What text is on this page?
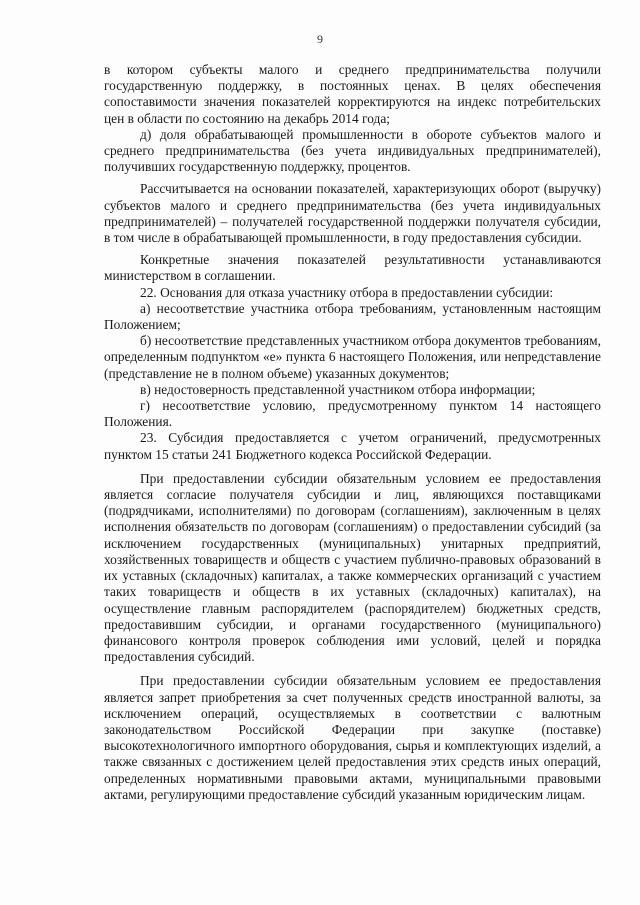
9

в котором субъекты малого и среднего предпринимательства получили государственную поддержку, в постоянных ценах. В целях обеспечения сопоставимости значения показателей корректируются на индекс потребительских цен в области по состоянию на декабрь 2014 года;

д) доля обрабатывающей промышленности в обороте субъектов малого и среднего предпринимательства (без учета индивидуальных предпринимателей), получивших государственную поддержку, процентов.

Рассчитывается на основании показателей, характеризующих оборот (выручку) субъектов малого и среднего предпринимательства (без учета индивидуальных предпринимателей) – получателей государственной поддержки получателя субсидии, в том числе в обрабатывающей промышленности, в году предоставления субсидии.

Конкретные значения показателей результативности устанавливаются министерством в соглашении.

22. Основания для отказа участнику отбора в предоставлении субсидии:

а) несоответствие участника отбора требованиям, установленным настоящим Положением;

б) несоответствие представленных участником отбора документов требованиям, определенным подпунктом «е» пункта 6 настоящего Положения, или непредставление (представление не в полном объеме) указанных документов;

в) недостоверность представленной участником отбора информации;

г) несоответствие условию, предусмотренному пунктом 14 настоящего Положения.

23. Субсидия предоставляется с учетом ограничений, предусмотренных пунктом 15 статьи 241 Бюджетного кодекса Российской Федерации.

При предоставлении субсидии обязательным условием ее предоставления является согласие получателя субсидии и лиц, являющихся поставщиками (подрядчиками, исполнителями) по договорам (соглашениям), заключенным в целях исполнения обязательств по договорам (соглашениям) о предоставлении субсидий (за исключением государственных (муниципальных) унитарных предприятий, хозяйственных товариществ и обществ с участием публично-правовых образований в их уставных (складочных) капиталах, а также коммерческих организаций с участием таких товариществ и обществ в их уставных (складочных) капиталах), на осуществление главным распорядителем (распорядителем) бюджетных средств, предоставившим субсидии, и органами государственного (муниципального) финансового контроля проверок соблюдения ими условий, целей и порядка предоставления субсидий.

При предоставлении субсидии обязательным условием ее предоставления является запрет приобретения за счет полученных средств иностранной валюты, за исключением операций, осуществляемых в соответствии с валютным законодательством Российской Федерации при закупке (поставке) высокотехнологичного импортного оборудования, сырья и комплектующих изделий, а также связанных с достижением целей предоставления этих средств иных операций, определенных нормативными правовыми актами, муниципальными правовыми актами, регулирующими предоставление субсидий указанным юридическим лицам.
